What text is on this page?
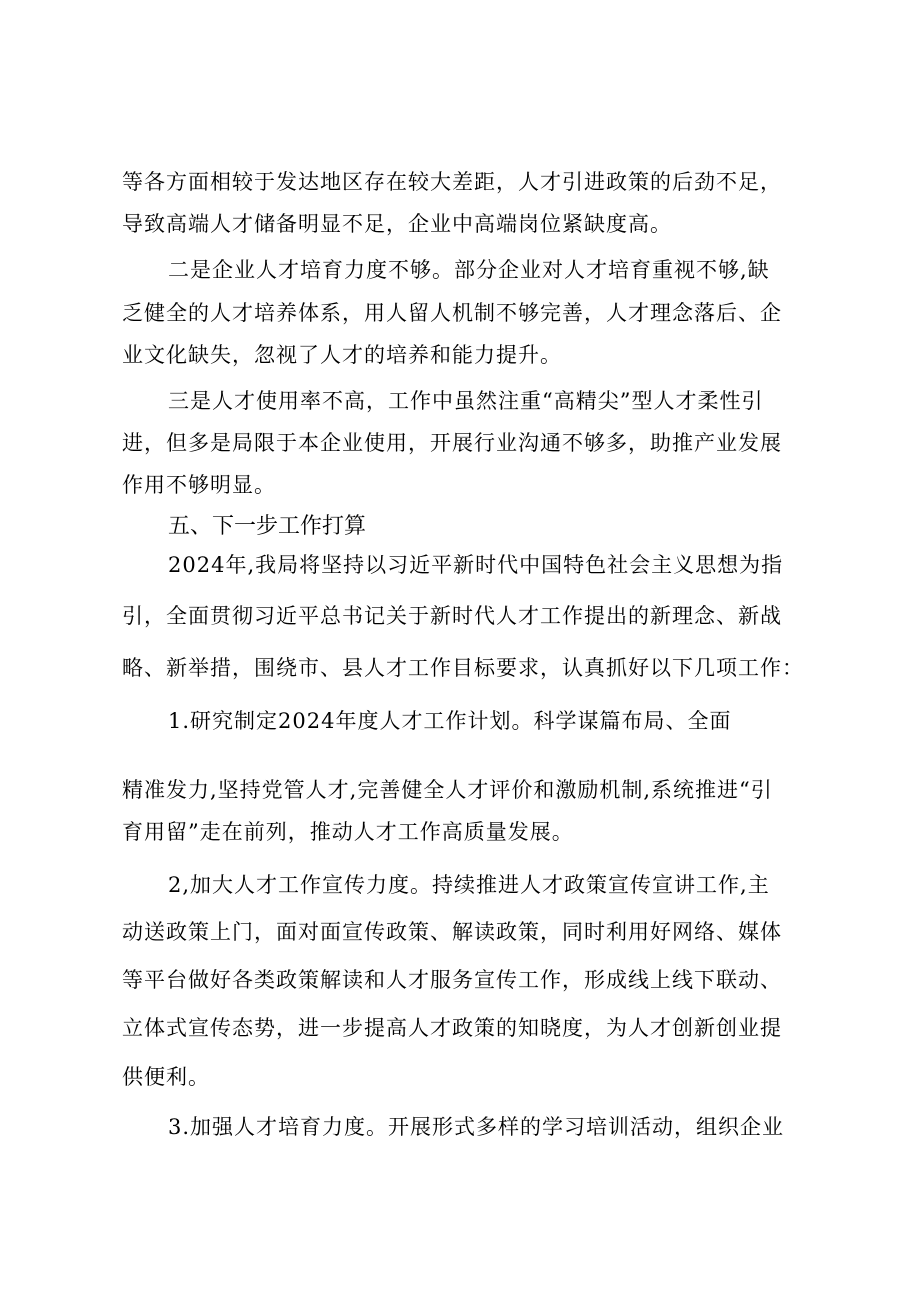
等各方面相较于发达地区存在较大差距，人才引进政策的后劲不足，
导致高端人才储备明显不足，企业中高端岗位紧缺度高。
二是企业人才培育力度不够。部分企业对人才培育重视不够,缺
乏健全的人才培养体系，用人留人机制不够完善，人才理念落后、企
业文化缺失，忽视了人才的培养和能力提升。
三是人才使用率不高，工作中虽然注重“高精尖”型人才柔性引
进，但多是局限于本企业使用，开展行业沟通不够多，助推产业发展
作用不够明显。
五、下一步工作打算
2024年,我局将坚持以习近平新时代中国特色社会主义思想为指
引，全面贯彻习近平总书记关于新时代人才工作提出的新理念、新战
略、新举措，围绕市、县人才工作目标要求，认真抓好以下几项工作：
1.研究制定2024年度人才工作计划。科学谋篇布局、全面
精准发力,坚持党管人才,完善健全人才评价和激励机制,系统推进“引
育用留”走在前列，推动人才工作高质量发展。
2,加大人才工作宣传力度。持续推进人才政策宣传宣讲工作,主
动送政策上门，面对面宣传政策、解读政策，同时利用好网络、媒体
等平台做好各类政策解读和人才服务宣传工作，形成线上线下联动、
立体式宣传态势，进一步提高人才政策的知晓度，为人才创新创业提
供便利。
3.加强人才培育力度。开展形式多样的学习培训活动，组织企业
